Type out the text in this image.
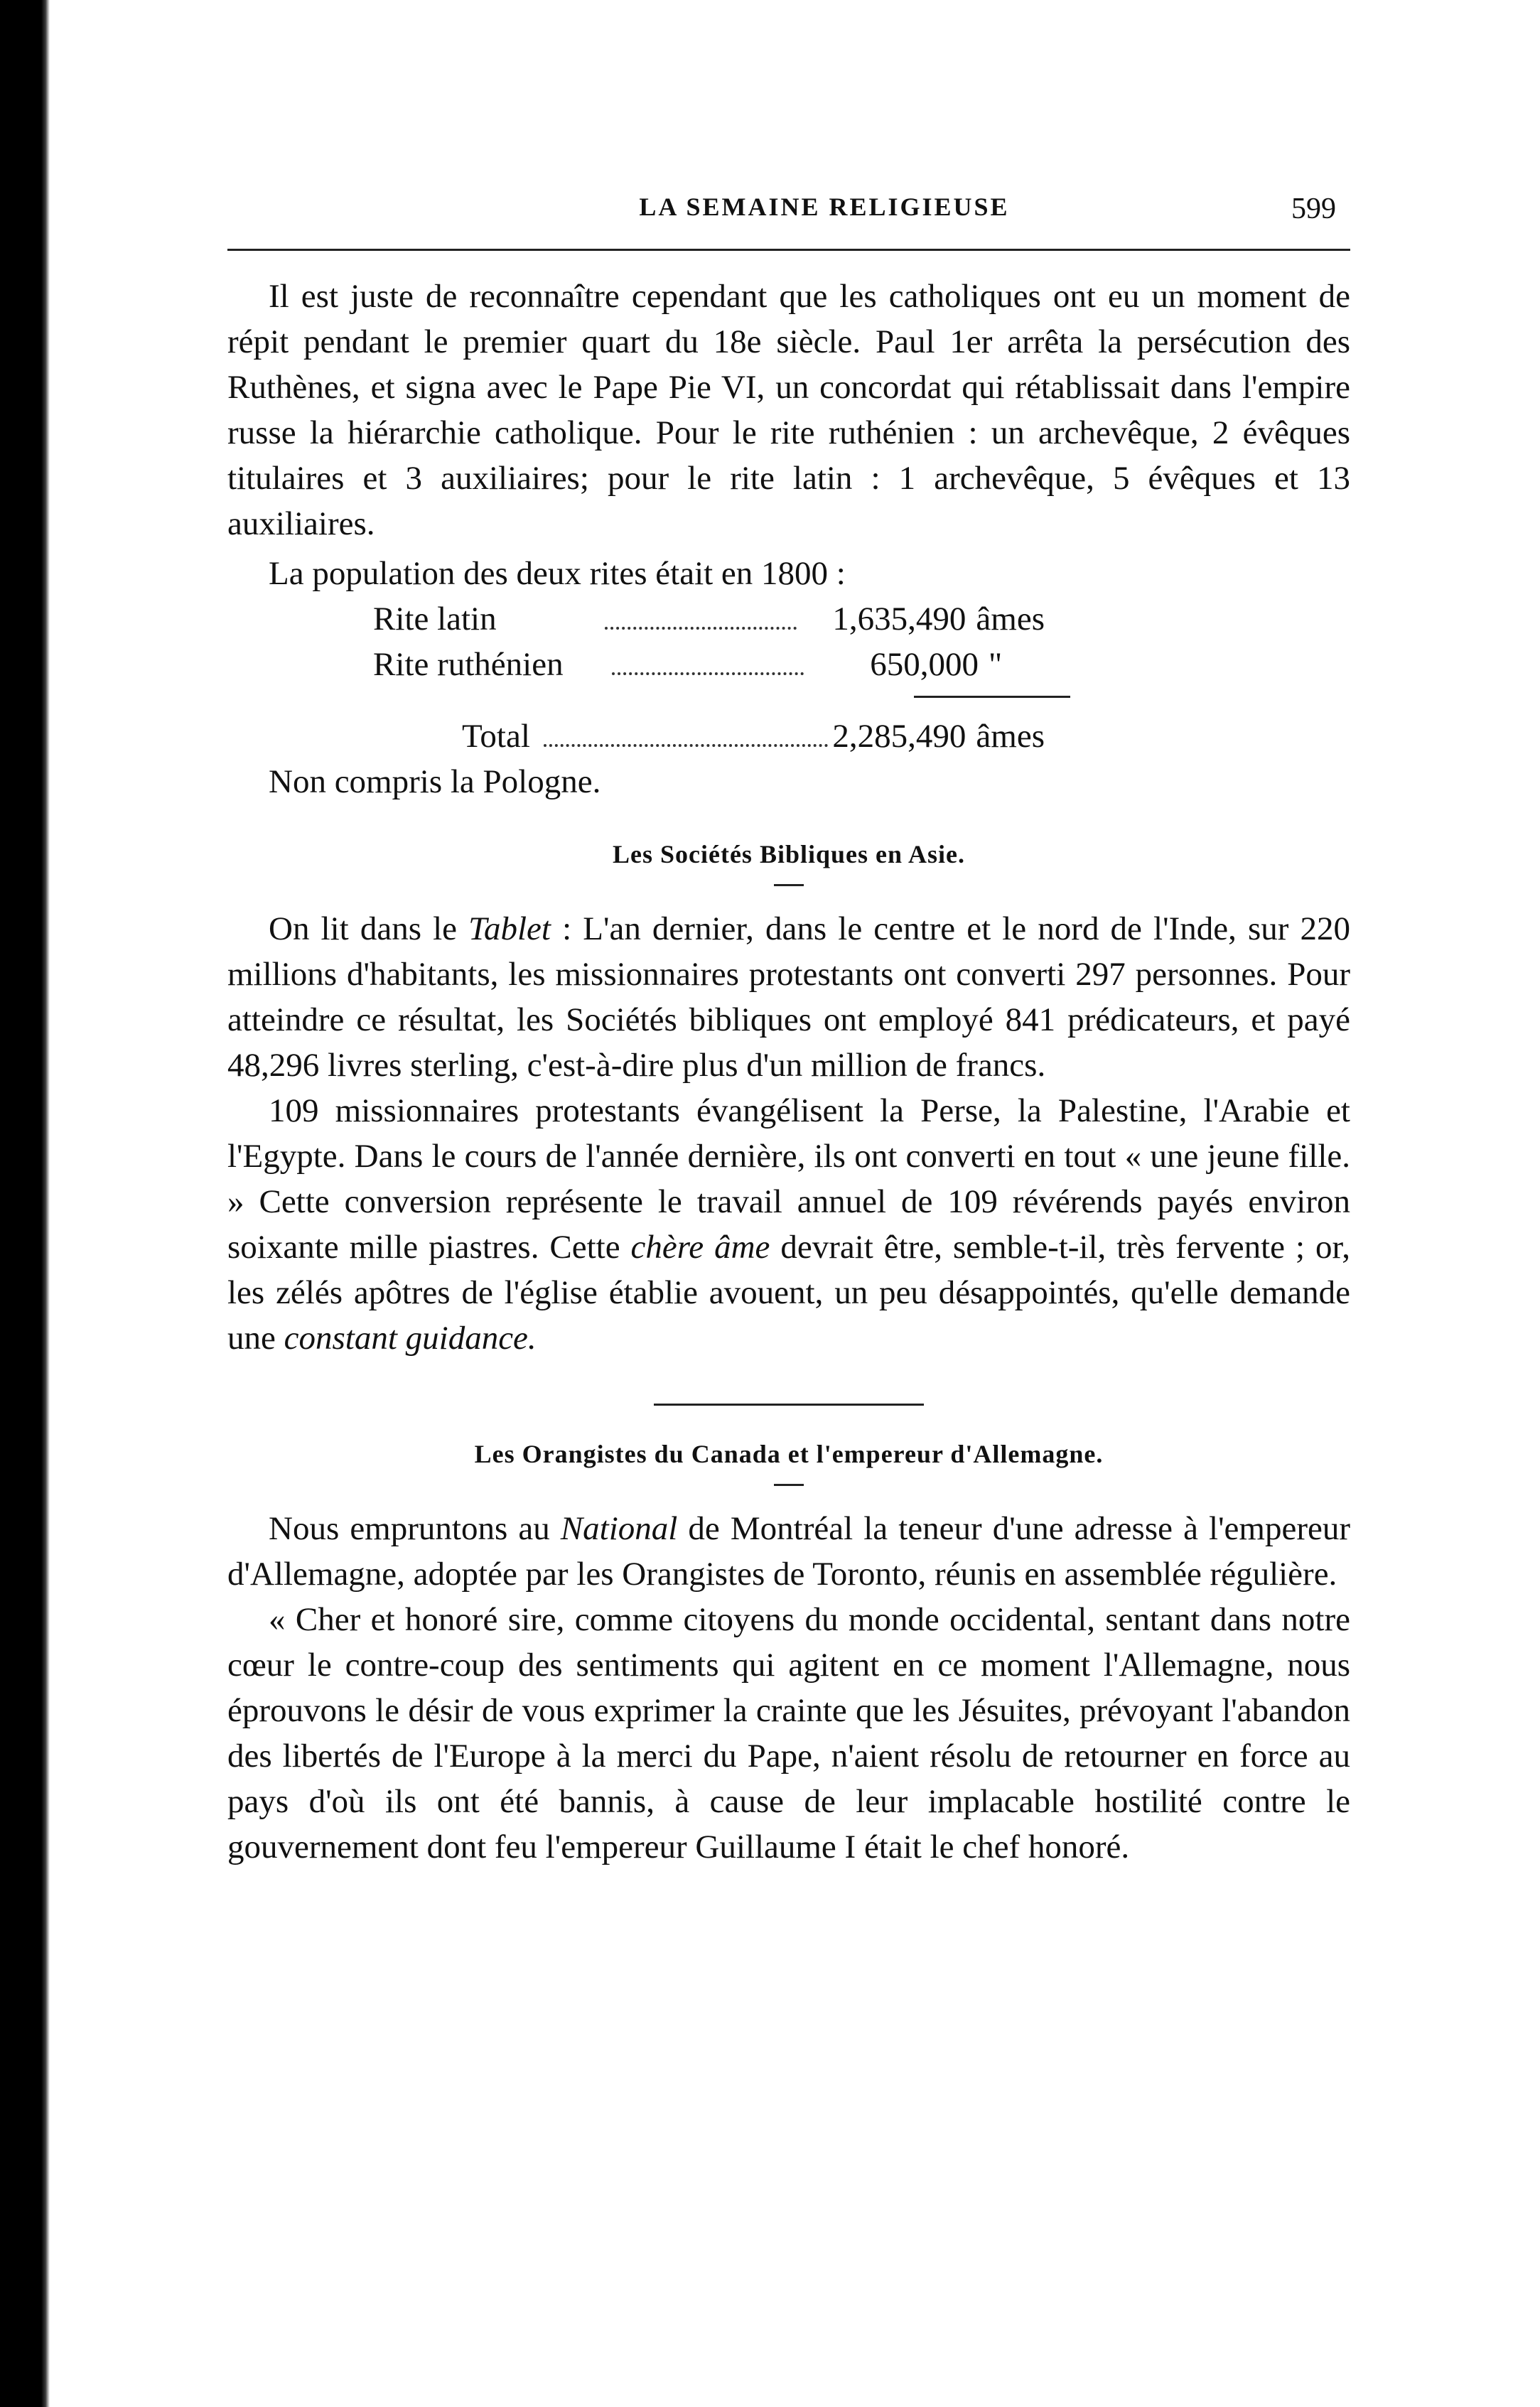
LA SEMAINE RELIGIEUSE	599

Il est juste de reconnaître cependant que les catholiques ont eu un moment de répit pendant le premier quart du 18e siècle. Paul 1er arrêta la persécution des Ruthènes, et signa avec le Pape Pie VI, un concordat qui rétablissait dans l'empire russe la hiérarchie catholique. Pour le rite ruthénien : un archevêque, 2 évêques titulaires et 3 auxiliaires; pour le rite latin : 1 archevêque, 5 évêques et 13 auxiliaires.

La population des deux rites était en 1800 :

Rite latin	1,635,490 âmes
Rite ruthénien	650,000 "
Total	2,285,490 âmes

Non compris la Pologne.

Les Sociétés Bibliques en Asie.

On lit dans le Tablet : L'an dernier, dans le centre et le nord de l'Inde, sur 220 millions d'habitants, les missionnaires protestants ont converti 297 personnes. Pour atteindre ce résultat, les Sociétés bibliques ont employé 841 prédicateurs, et payé 48,296 livres sterling, c'est-à-dire plus d'un million de francs.

109 missionnaires protestants évangélisent la Perse, la Palestine, l'Arabie et l'Egypte. Dans le cours de l'année dernière, ils ont converti en tout « une jeune fille. » Cette conversion représente le travail annuel de 109 révérends payés environ soixante mille piastres. Cette chère âme devrait être, semble-t-il, très fervente ; or, les zélés apôtres de l'église établie avouent, un peu désappointés, qu'elle demande une constant guidance.

Les Orangistes du Canada et l'empereur d'Allemagne.

Nous empruntons au National de Montréal la teneur d'une adresse à l'empereur d'Allemagne, adoptée par les Orangistes de Toronto, réunis en assemblée régulière.

« Cher et honoré sire, comme citoyens du monde occidental, sentant dans notre cœur le contre-coup des sentiments qui agitent en ce moment l'Allemagne, nous éprouvons le désir de vous exprimer la crainte que les Jésuites, prévoyant l'abandon des libertés de l'Europe à la merci du Pape, n'aient résolu de retourner en force au pays d'où ils ont été bannis, à cause de leur implacable hostilité contre le gouvernement dont feu l'empereur Guillaume I était le chef honoré.
